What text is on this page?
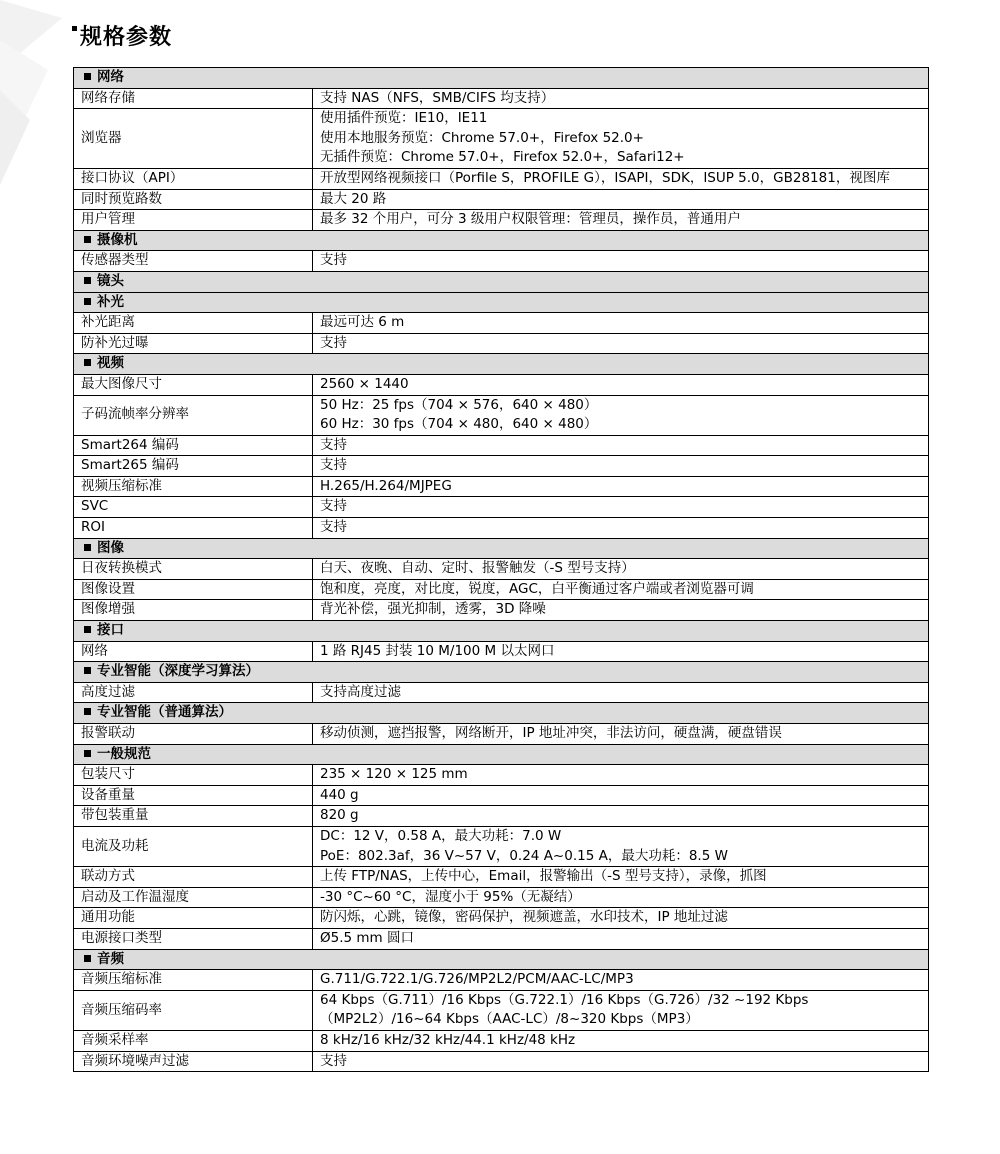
规格参数
网络	
网络存储	支持 NAS（NFS，SMB/CIFS 均支持）

浏览器	使用插件预览：IE10，IE11
使用本地服务预览：Chrome 57.0+，Firefox 52.0+
无插件预览：Chrome 57.0+，Firefox 52.0+，Safari12+

接口协议（API）	开放型网络视频接口（Porfile S，PROFILE G），ISAPI，SDK，ISUP 5.0，GB28181，视图库

同时预览路数	最大 20 路

用户管理	最多 32 个用户，可分 3 级用户权限管理：管理员，操作员，普通用户

摄像机	
传感器类型	支持

镜头	
补光	
补光距离	最远可达 6 m

防补光过曝	支持

视频	
最大图像尺寸	2560 × 1440

子码流帧率分辨率	50 Hz：25 fps（704 × 576，640 × 480）
60 Hz：30 fps（704 × 480，640 × 480）

Smart264 编码	支持

Smart265 编码	支持

视频压缩标准	H.265/H.264/MJPEG

SVC	支持

ROI	支持

图像	
日夜转换模式	白天、夜晚、自动、定时、报警触发（-S 型号支持）

图像设置	饱和度，亮度，对比度，锐度，AGC，白平衡通过客户端或者浏览器可调

图像增强	背光补偿，强光抑制，透雾，3D 降噪

接口	
网络	1 路 RJ45 封装 10 M/100 M 以太网口

专业智能（深度学习算法）	
高度过滤	支持高度过滤

专业智能（普通算法）	
报警联动	移动侦测，遮挡报警，网络断开，IP 地址冲突，非法访问，硬盘满，硬盘错误

一般规范	
包装尺寸	235 × 120 × 125 mm

设备重量	440 g

带包装重量	820 g

电流及功耗	DC：12 V，0.58 A，最大功耗：7.0 W
PoE：802.3af，36 V~57 V，0.24 A~0.15 A，最大功耗：8.5 W

联动方式	上传 FTP/NAS，上传中心，Email，报警输出（-S 型号支持），录像，抓图

启动及工作温湿度	-30 °C~60 °C，湿度小于 95%（无凝结）

通用功能	防闪烁，心跳，镜像，密码保护，视频遮盖，水印技术，IP 地址过滤

电源接口类型	Ø5.5 mm 圆口

音频	
音频压缩标准	G.711/G.722.1/G.726/MP2L2/PCM/AAC-LC/MP3

音频压缩码率	64 Kbps（G.711）/16 Kbps（G.722.1）/16 Kbps（G.726）/32 ~192 Kbps（MP2L2）/16~64 Kbps（AAC-LC）/8~320 Kbps（MP3）

音频采样率	8 kHz/16 kHz/32 kHz/44.1 kHz/48 kHz

音频环境噪声过滤	支持
